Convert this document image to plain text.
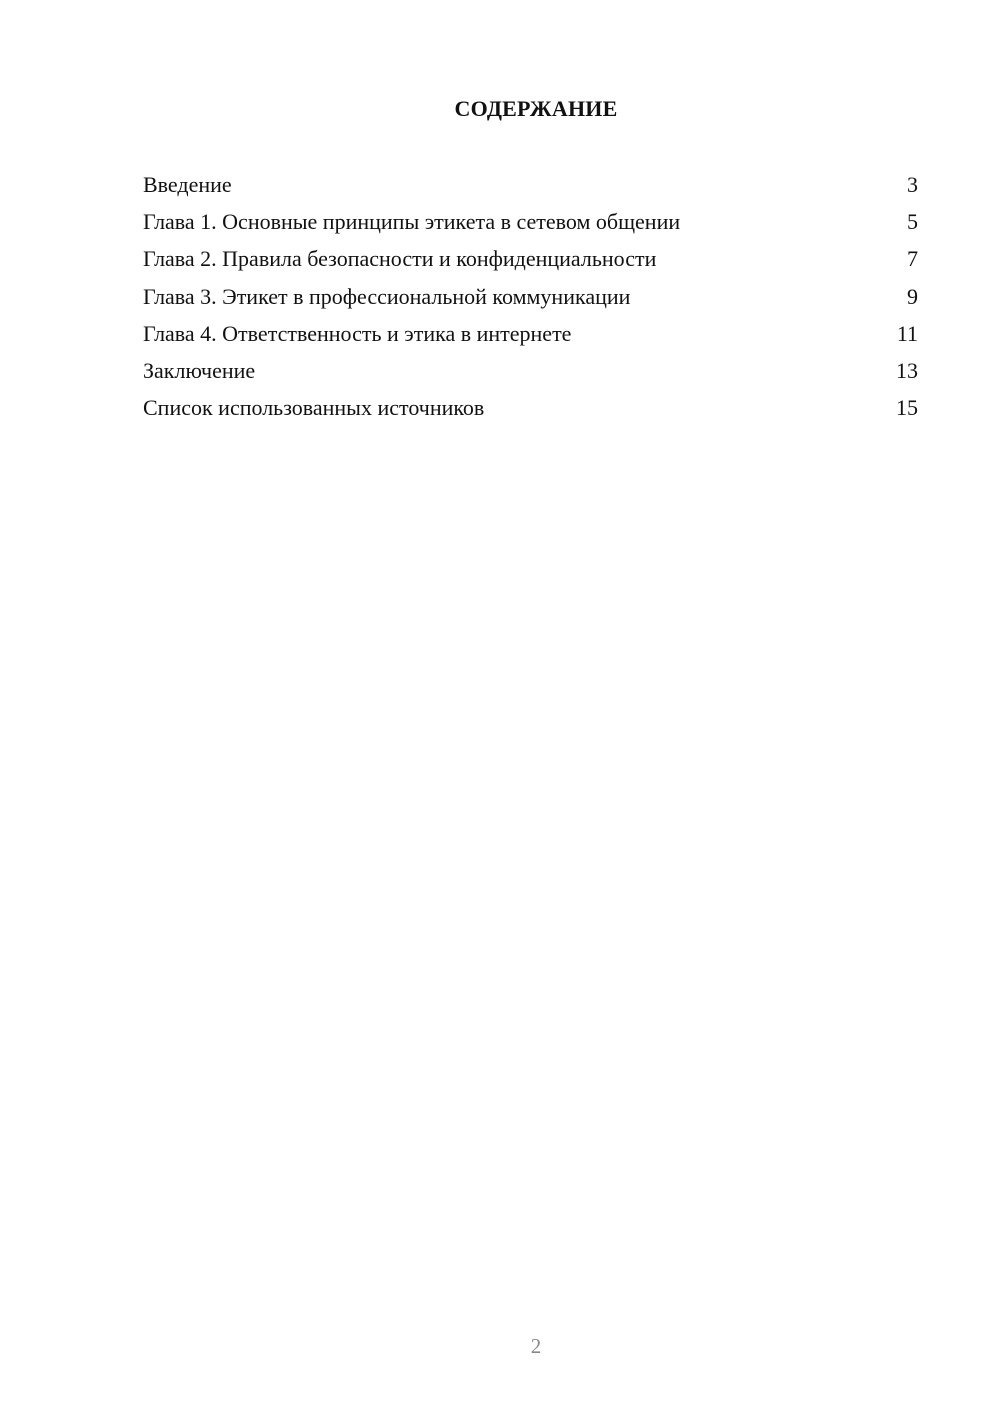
СОДЕРЖАНИЕ
Введение	3
Глава 1. Основные принципы этикета в сетевом общении	5
Глава 2. Правила безопасности и конфиденциальности	7
Глава 3. Этикет в профессиональной коммуникации	9
Глава 4. Ответственность и этика в интернете	11
Заключение	13
Список использованных источников	15
2
